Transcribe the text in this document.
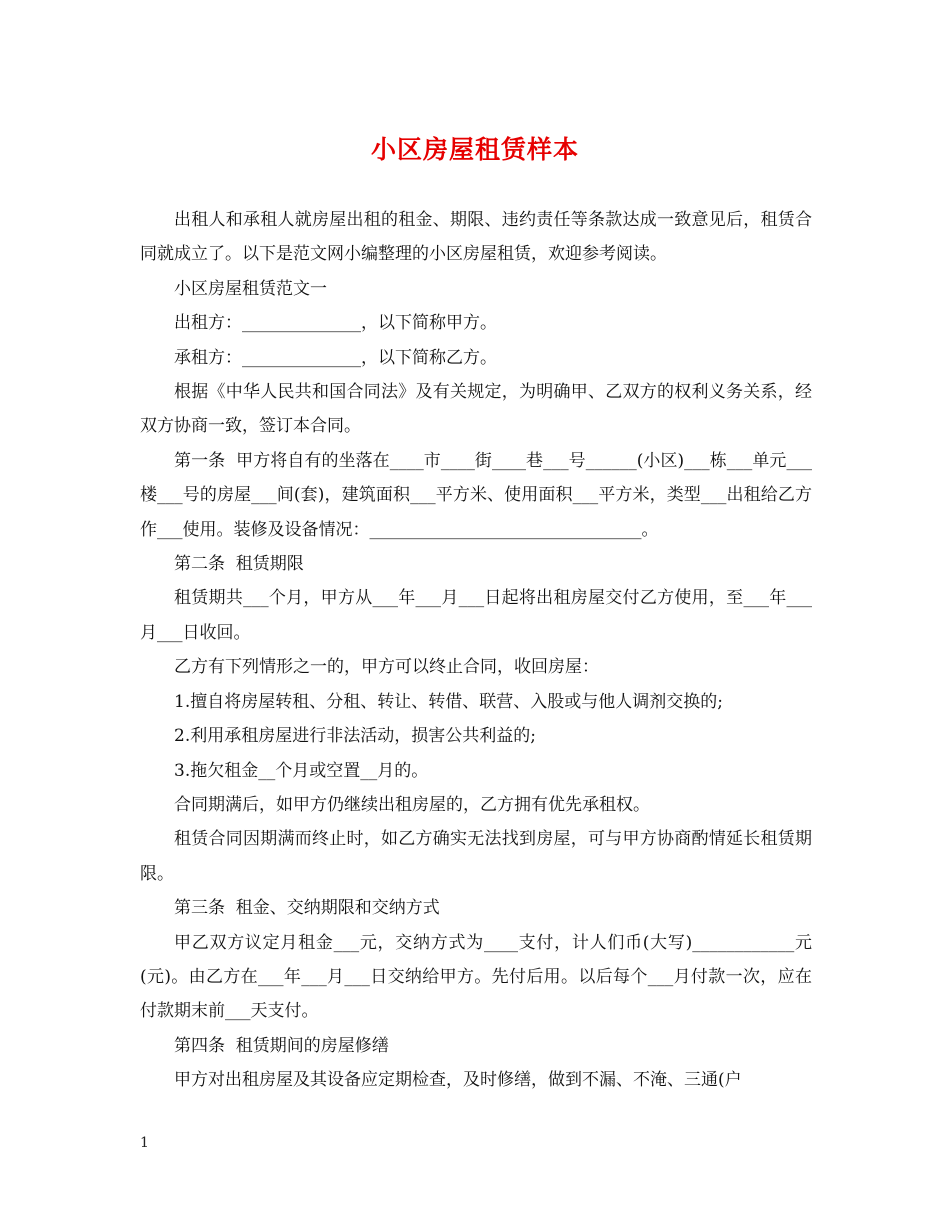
小区房屋租赁样本

出租人和承租人就房屋出租的租金、期限、违约责任等条款达成一致意见后，租赁合同就成立了。以下是范文网小编整理的小区房屋租赁，欢迎参考阅读。

小区房屋租赁范文一

出租方：______________，以下简称甲方。

承租方：______________，以下简称乙方。

根据《中华人民共和国合同法》及有关规定，为明确甲、乙双方的权利义务关系，经双方协商一致，签订本合同。

第一条  甲方将自有的坐落在____市____街____巷___号______(小区)___栋___单元___楼___号的房屋___间(套)，建筑面积___平方米、使用面积___平方米，类型___出租给乙方作___使用。装修及设备情况：________________________________。

第二条  租赁期限

租赁期共___个月，甲方从___年___月___日起将出租房屋交付乙方使用，至___年___月___日收回。

乙方有下列情形之一的，甲方可以终止合同，收回房屋：

1.擅自将房屋转租、分租、转让、转借、联营、入股或与他人调剂交换的;

2.利用承租房屋进行非法活动，损害公共利益的;

3.拖欠租金__个月或空置__月的。

合同期满后，如甲方仍继续出租房屋的，乙方拥有优先承租权。

租赁合同因期满而终止时，如乙方确实无法找到房屋，可与甲方协商酌情延长租赁期限。

第三条  租金、交纳期限和交纳方式

甲乙双方议定月租金___元，交纳方式为____支付，计人们币(大写)____________元(元)。由乙方在___年___月___日交纳给甲方。先付后用。以后每个___月付款一次，应在付款期末前___天支付。

第四条  租赁期间的房屋修缮

甲方对出租房屋及其设备应定期检查，及时修缮，做到不漏、不淹、三通(户

1
